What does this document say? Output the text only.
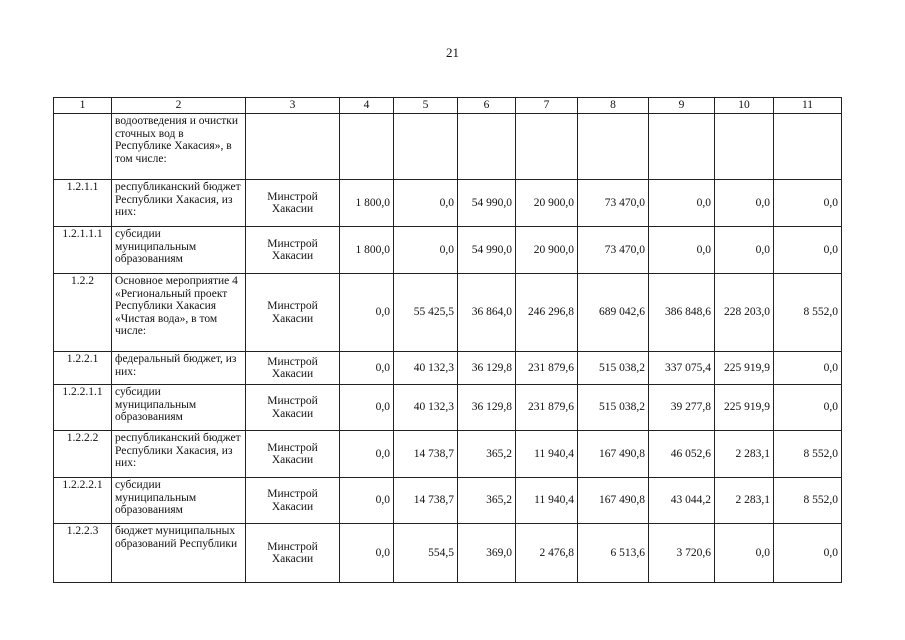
21
1	2	3	4	5	6	7	8	9	10	11
	водоотведения и очистки сточных вод в Республике Хакасия», в том числе:									
1.2.1.1	республиканский бюджет Республики Хакасия, из них:	Минстрой Хакасии	1 800,0	0,0	54 990,0	20 900,0	73 470,0	0,0	0,0	0,0
1.2.1.1.1	субсидии муниципальным образованиям	Минстрой Хакасии	1 800,0	0,0	54 990,0	20 900,0	73 470,0	0,0	0,0	0,0
1.2.2	Основное мероприятие 4 «Региональный проект Республики Хакасия «Чистая вода», в том числе:	Минстрой Хакасии	0,0	55 425,5	36 864,0	246 296,8	689 042,6	386 848,6	228 203,0	8 552,0
1.2.2.1	федеральный бюджет, из них:	Минстрой Хакасии	0,0	40 132,3	36 129,8	231 879,6	515 038,2	337 075,4	225 919,9	0,0
1.2.2.1.1	субсидии муниципальным образованиям	Минстрой Хакасии	0,0	40 132,3	36 129,8	231 879,6	515 038,2	39 277,8	225 919,9	0,0
1.2.2.2	республиканский бюджет Республики Хакасия, из них:	Минстрой Хакасии	0,0	14 738,7	365,2	11 940,4	167 490,8	46 052,6	2 283,1	8 552,0
1.2.2.2.1	субсидии муниципальным образованиям	Минстрой Хакасии	0,0	14 738,7	365,2	11 940,4	167 490,8	43 044,2	2 283,1	8 552,0
1.2.2.3	бюджет муниципальных образований Республики	Минстрой Хакасии	0,0	554,5	369,0	2 476,8	6 513,6	3 720,6	0,0	0,0
